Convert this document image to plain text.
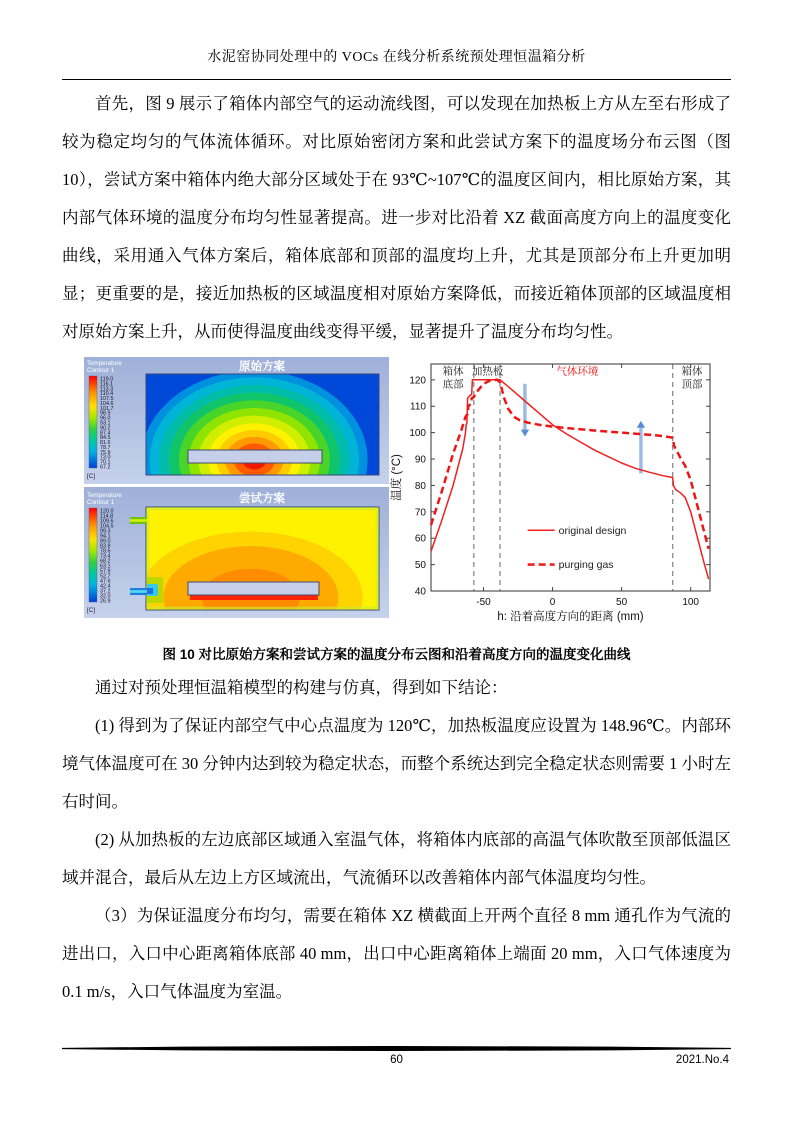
水泥窑协同处理中的 VOCs 在线分析系统预处理恒温箱分析

首先，图 9 展示了箱体内部空气的运动流线图，可以发现在加热板上方从左至右形成了较为稳定均匀的气体流体循环。对比原始密闭方案和此尝试方案下的温度场分布云图（图 10），尝试方案中箱体内绝大部分区域处于在 93℃~107℃的温度区间内，相比原始方案，其内部气体环境的温度分布均匀性显著提高。进一步对比沿着 XZ 截面高度方向上的温度变化曲线，采用通入气体方案后，箱体底部和顶部的温度均上升，尤其是顶部分布上升更加明显；更重要的是，接近加热板的区域温度相对原始方案降低，而接近箱体顶部的区域温度相对原始方案上升，从而使得温度曲线变得平缓，显著提升了温度分布均匀性。

原始方案
Temperature
Contour 1
119.0
116.1
113.3
110.4
107.5
104.6
101.7
98.9
96.0
93.1
90.2
87.4
84.5
81.6
78.7
75.9
73.0
70.1
67.2
[C]
尝试方案
Temperature
Contour 1
120.0
114.8
109.6
104.5
99.3
94.1
89.0
83.8
78.6
73.4
68.2
63.1
57.9
52.7
47.6
42.4
37.2
32.0
26.9
[C]
40
50
60
70
80
90
100
110
120
-50	0	50	100
h: 沿着高度方向的距离 (mm)
温度 (°C)
箱体底部
加热板	气体环境	箱体顶部
original design
purging gas
图 10 对比原始方案和尝试方案的温度分布云图和沿着高度方向的温度变化曲线

通过对预处理恒温箱模型的构建与仿真，得到如下结论：

(1) 得到为了保证内部空气中心点温度为 120℃，加热板温度应设置为 148.96℃。内部环境气体温度可在 30 分钟内达到较为稳定状态，而整个系统达到完全稳定状态则需要 1 小时左右时间。

(2) 从加热板的左边底部区域通入室温气体，将箱体内底部的高温气体吹散至顶部低温区域并混合，最后从左边上方区域流出，气流循环以改善箱体内部气体温度均匀性。

（3）为保证温度分布均匀，需要在箱体 XZ 横截面上开两个直径 8 mm 通孔作为气流的进出口，入口中心距离箱体底部 40 mm，出口中心距离箱体上端面 20 mm，入口气体速度为 0.1 m/s，入口气体温度为室温。

60	2021.No.4
